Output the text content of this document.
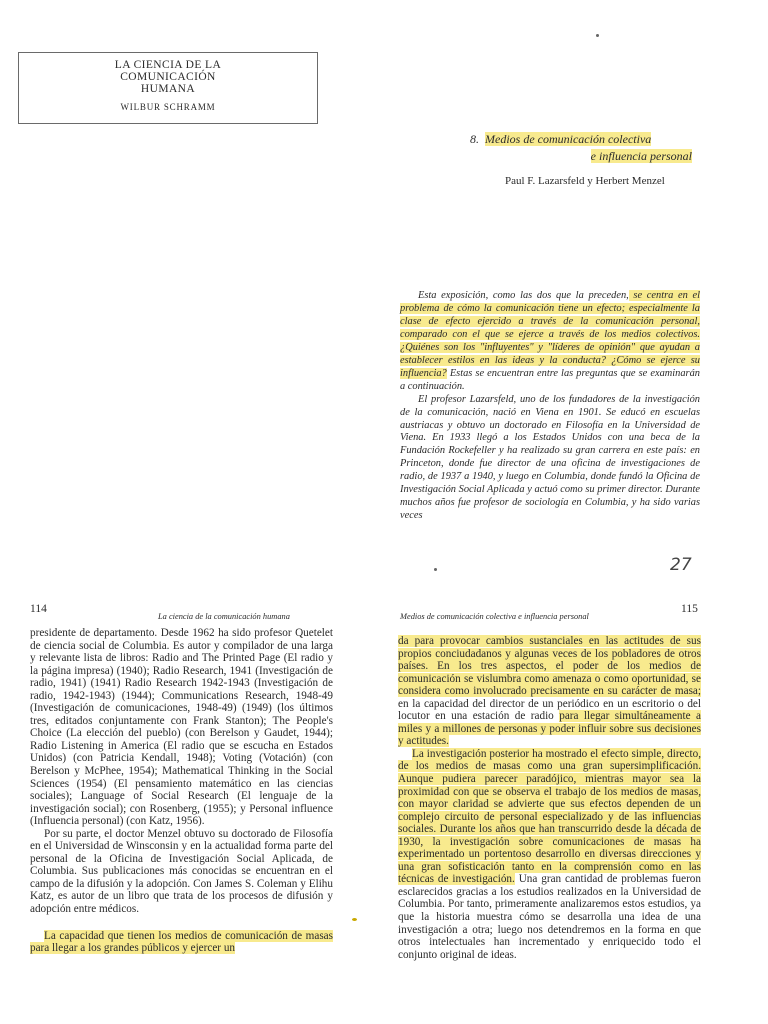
LA CIENCIA DE LA
COMUNICACIÓN
HUMANA
WILBUR SCHRAMM
8. Medios de comunicación colectiva
e influencia personal
Paul F. Lazarsfeld y Herbert Menzel

Esta exposición, como las dos que la preceden, se centra en el problema de cómo la comunicación tiene un efecto; especialmente la clase de efecto ejercido a través de la comunicación personal, comparado con el que se ejerce a través de los medios colectivos. ¿Quiénes son los "influyentes" y "líderes de opinión" que ayudan a establecer estilos en las ideas y la conducta? ¿Cómo se ejerce su influencia? Estas se encuentran entre las preguntas que se examinarán a continuación.

El profesor Lazarsfeld, uno de los fundadores de la investigación de la comunicación, nació en Viena en 1901. Se educó en escuelas austriacas y obtuvo un doctorado en Filosofía en la Universidad de Viena. En 1933 llegó a los Estados Unidos con una beca de la Fundación Rockefeller y ha realizado su gran carrera en este país: en Princeton, donde fue director de una oficina de investigaciones de radio, de 1937 a 1940, y luego en Columbia, donde fundó la Oficina de Investigación Social Aplicada y actuó como su primer director. Durante muchos años fue profesor de sociología en Columbia, y ha sido varias veces

27
114
La ciencia de la comunicación humana	Medios de comunicación colectiva e influencia personal
115

presidente de departamento. Desde 1962 ha sido profesor Quetelet de ciencia social de Columbia. Es autor y compilador de una larga y relevante lista de libros: Radio and The Printed Page (El radio y la página impresa) (1940); Radio Research, 1941 (Investigación de radio, 1941) (1941) Radio Research 1942-1943 (Investigación de radio, 1942-1943) (1944); Communications Research, 1948-49 (Investigación de comunicaciones, 1948-49) (1949) (los últimos tres, editados conjuntamente con Frank Stanton); The People's Choice (La elección del pueblo) (con Berelson y Gaudet, 1944); Radio Listening in America (El radio que se escucha en Estados Unidos) (con Patricia Kendall, 1948); Voting (Votación) (con Berelson y McPhee, 1954); Mathematical Thinking in the Social Sciences (1954) (El pensamiento matemático en las ciencias sociales); Language of Social Research (El lenguaje de la investigación social); con Rosenberg, (1955); y Personal influence (Influencia personal) (con Katz, 1956).

Por su parte, el doctor Menzel obtuvo su doctorado de Filosofía en el Universidad de Winsconsin y en la actualidad forma parte del personal de la Oficina de Investigación Social Aplicada, de Columbia. Sus publicaciones más conocidas se encuentran en el campo de la difusión y la adopción. Con James S. Coleman y Elihu Katz, es autor de un libro que trata de los procesos de difusión y adopción entre médicos.

La capacidad que tienen los medios de comunicación de masas para llegar a los grandes públicos y ejercer un

da para provocar cambios sustanciales en las actitudes de sus propios conciudadanos y algunas veces de los pobladores de otros países. En los tres aspectos, el poder de los medios de comunicación se vislumbra como amenaza o como oportunidad, se considera como involucrado precisamente en su carácter de masa; en la capacidad del director de un periódico en un escritorio o del locutor en una estación de radio para llegar simultáneamente a miles y a millones de personas y poder influir sobre sus decisiones y actitudes.

La investigación posterior ha mostrado el efecto simple, directo, de los medios de masas como una gran supersimplificación. Aunque pudiera parecer paradójico, mientras mayor sea la proximidad con que se observa el trabajo de los medios de masas, con mayor claridad se advierte que sus efectos dependen de un complejo circuito de personal especializado y de las influencias sociales. Durante los años que han transcurrido desde la década de 1930, la investigación sobre comunicaciones de masas ha experimentado un portentoso desarrollo en diversas direcciones y una gran sofisticación tanto en la comprensión como en las técnicas de investigación. Una gran cantidad de problemas fueron esclarecidos gracias a los estudios realizados en la Universidad de Columbia. Por tanto, primeramente analizaremos estos estudios, ya que la historia muestra cómo se desarrolla una idea de una investigación a otra; luego nos detendremos en la forma en que otros intelectuales han incrementado y enriquecido todo el conjunto original de ideas.
